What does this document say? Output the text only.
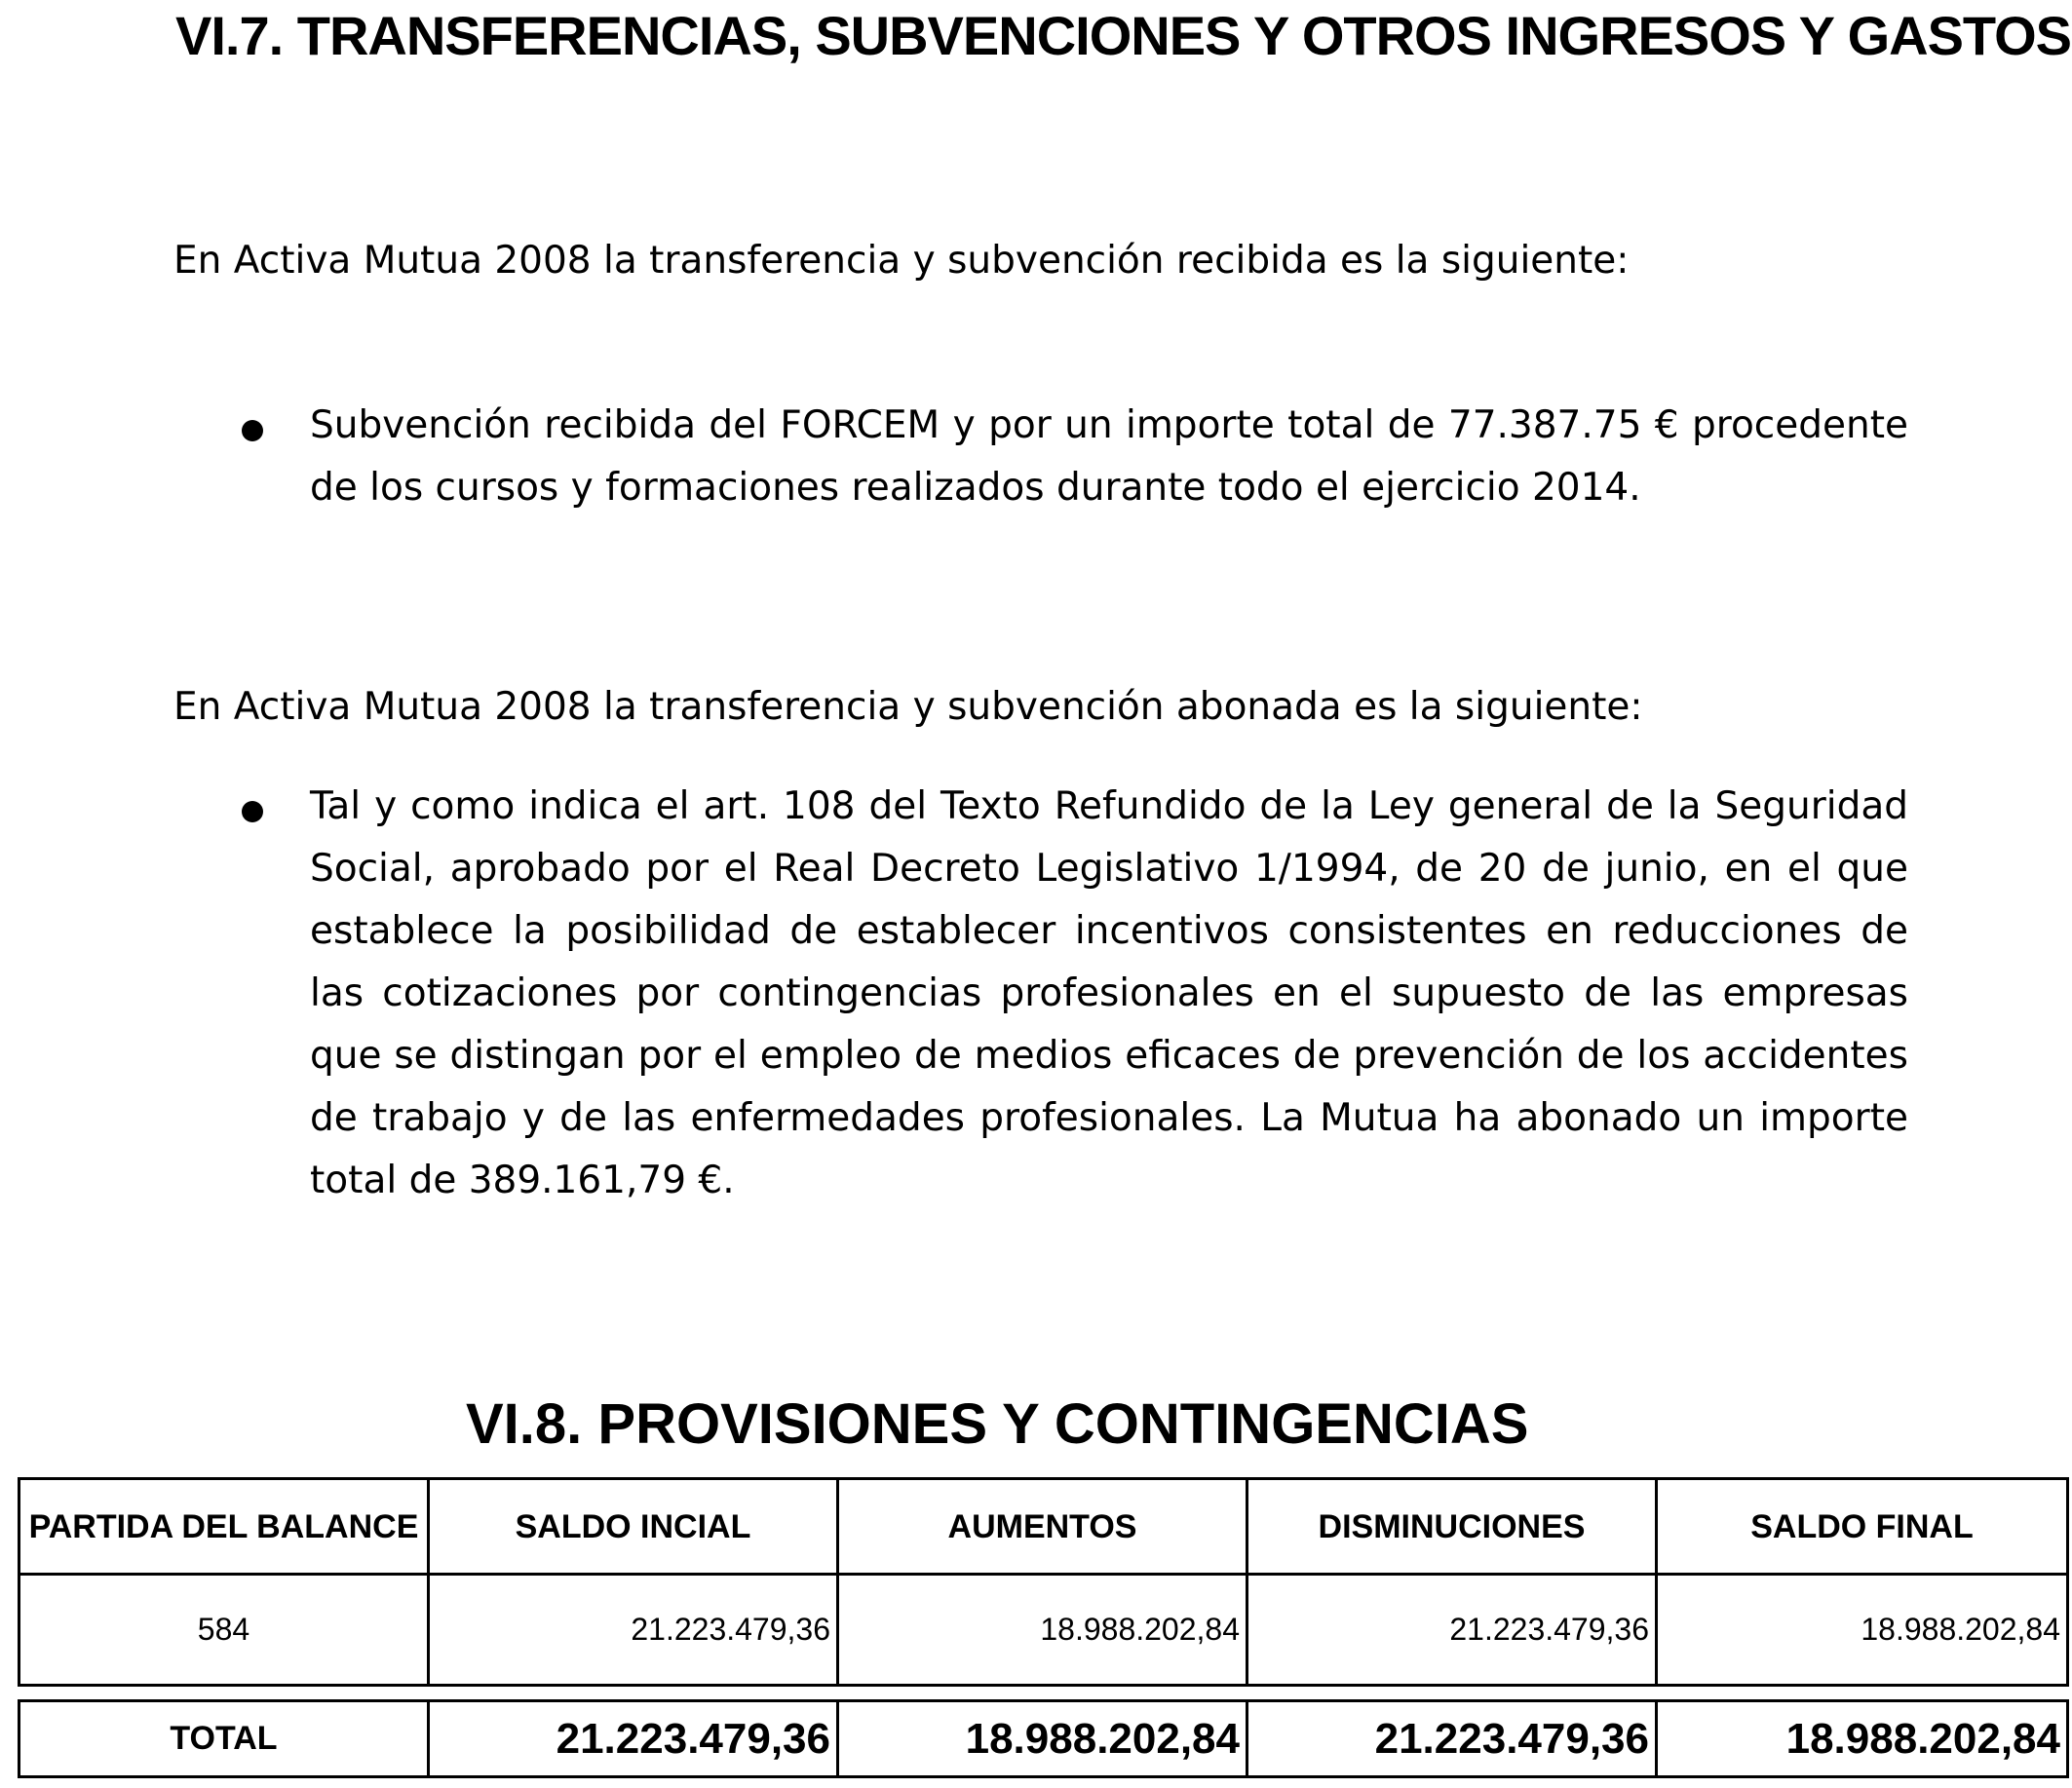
VI.7. TRANSFERENCIAS, SUBVENCIONES Y OTROS INGRESOS Y GASTOS

En Activa Mutua 2008 la transferencia y subvención recibida es la siguiente:

Subvención recibida del FORCEM y por un importe total de 77.387.75 € procedente de los cursos y formaciones realizados durante todo el ejercicio 2014.

En Activa Mutua 2008 la transferencia y subvención abonada es la siguiente:

Tal y como indica el art. 108 del Texto Refundido de la Ley general de la Seguridad Social, aprobado por el Real Decreto Legislativo 1/1994, de 20 de junio, en el que establece la posibilidad de establecer incentivos consistentes en reducciones de las cotizaciones por contingencias profesionales en el supuesto de las empresas que se distingan por el empleo de medios eficaces de prevención de los accidentes de trabajo y de las enfermedades profesionales. La Mutua ha abonado un importe total de 389.161,79 €.

VI.8. PROVISIONES Y CONTINGENCIAS
PARTIDA DEL BALANCE	SALDO INCIAL	AUMENTOS	DISMINUCIONES	SALDO FINAL
584	21.223.479,36	18.988.202,84	21.223.479,36	18.988.202,84
TOTAL	21.223.479,36	18.988.202,84	21.223.479,36	18.988.202,84
